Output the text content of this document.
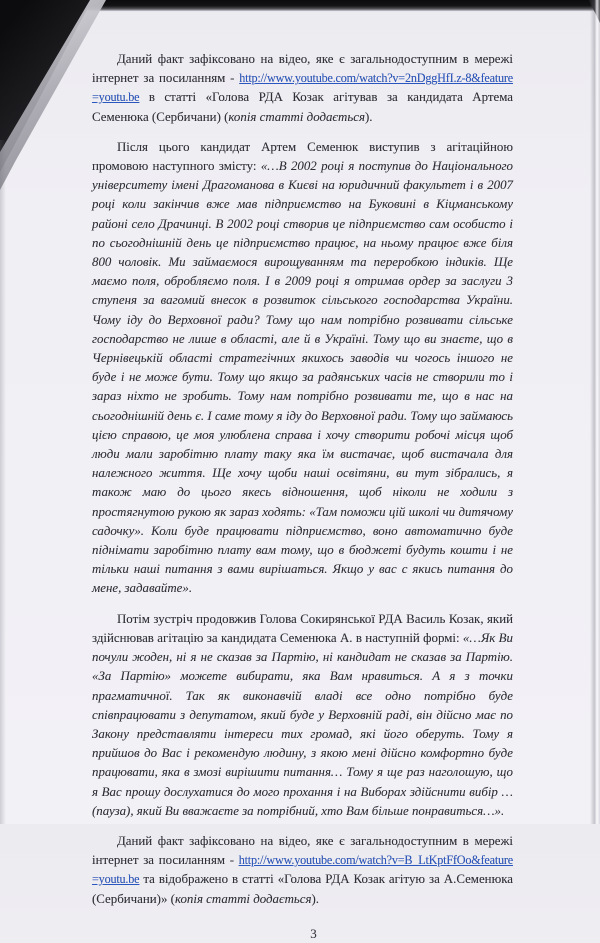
Даний факт зафіксовано на відео, яке є загальнодоступним в мережі інтернет за посиланням - http://www.youtube.com/watch?v=2nDggHfI.z-8&feature=youtu.be в статті «Голова РДА Козак агітував за кандидата Артема Семенюка (Сербичани) (копія статті додається).

Після цього кандидат Артем Семенюк виступив з агітаційною промовою наступного змісту: «…В 2002 році я поступив до Національного університету імені Драгоманова в Києві на юридичний факультет і в 2007 році коли закінчив вже мав підприємство на Буковині в Кіцманському районі село Драчинці. В 2002 році створив це підприємство сам особисто і по сьогоднішній день це підприємство працює, на ньому працює вже біля 800 чоловік. Ми займаємося вирощуванням та переробкою індиків. Ще маємо поля, обробляємо поля. І в 2009 році я отримав ордер за заслуги 3 ступеня за вагомий внесок в розвиток сільського господарства України. Чому іду до Верховної ради? Тому що нам потрібно розвивати сільське господарство не лише в області, але й в Україні. Тому що ви знаєте, що в Чернівецькій області стратегічних якихось заводів чи чогось іншого не буде і не може бути. Тому що якщо за радянських часів не створили то і зараз ніхто не зробить. Тому нам потрібно розвивати те, що в нас на сьогоднішній день є. І саме тому я іду до Верховної ради. Тому що займаюсь цією справою, це моя улюблена справа і хочу створити робочі місця щоб люди мали заробітню плату таку яка їм вистачає, щоб вистачала для належного життя. Ще хочу щоби наші освітяни, ви тут зібрались, я також маю до цього якесь відношення, щоб ніколи не ходили з простягнутою рукою як зараз ходять: «Там поможи цій школі чи дитячому садочку». Коли буде працювати підприємство, воно автоматично буде піднімати заробітню плату вам тому, що в бюджеті будуть кошти і не тільки наші питання з вами вирішаться. Якщо у вас с якись питання до мене, задавайте».

Потім зустріч продовжив Голова Сокирянської РДА Василь Козак, який здійснював агітацію за кандидата Семенюка А. в наступній формі: «…Як Ви почули жоден, ні я не сказав за Партію, ні кандидат не сказав за Партію. «За Партію» можете вибирати, яка Вам нравиться. А я з точки прагматичної. Так як виконавчій владі все одно потрібно буде співпрацювати з депутатом, який буде у Верховній раді, він дійсно має по Закону представляти інтереси тих громад, які його оберуть. Тому я прийшов до Вас і рекомендую людину, з якою мені дійсно комфортно буде працювати, яка в змозі вирішити питання… Тому я ще раз наголошую, що я Вас прошу дослухатися до мого прохання і на Виборах здійснити вибір … (пауза), який Ви вважаєте за потрібний, хто Вам більше понравиться…».

Даний факт зафіксовано на відео, яке є загальнодоступним в мережі інтернет за посиланням - http://www.youtube.com/watch?v=B_LtKptFfOo&feature=youtu.be та відображено в статті «Голова РДА Козак агітую за А.Семенюка (Сербичани)» (копія статті додається).

3
